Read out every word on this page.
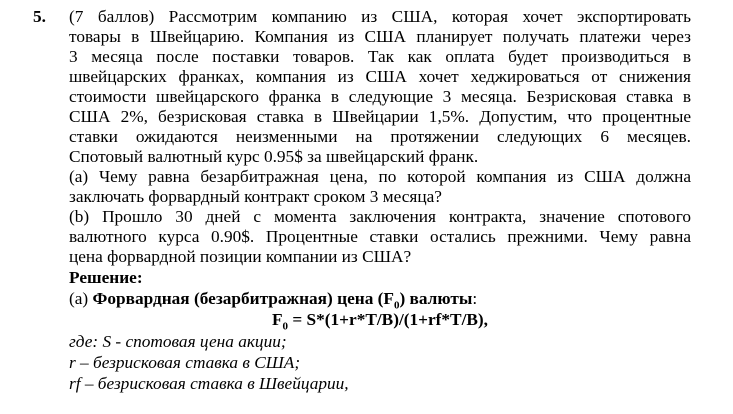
5. (7 баллов) Рассмотрим компанию из США, которая хочет экспортировать
товары в Швейцарию. Компания из США планирует получать платежи через
3 месяца после поставки товаров. Так как оплата будет производиться в
швейцарских франках, компания из США хочет хеджироваться от снижения
стоимости швейцарского франка в следующие 3 месяца. Безрисковая ставка в
США 2%, безрисковая ставка в Швейцарии 1,5%. Допустим, что процентные
ставки ожидаются неизменными на протяжении следующих 6 месяцев.
Спотовый валютный курс 0.95$ за швейцарский франк.
(а) Чему равна безарбитражная цена, по которой компания из США должна
заключать форвардный контракт сроком 3 месяца?
(b) Прошло 30 дней с момента заключения контракта, значение спотового
валютного курса 0.90$. Процентные ставки остались прежними. Чему равна
цена форвардной позиции компании из США?
Решение:
(а) Форвардная (безарбитражная) цена $(F_0)$ валюты:
$F_0 = S*(1+r*T/B)/(1+rf*T/B)$,
где: S - спотовая цена акции;
r – безрисковая ставка в США;
rf – безрисковая ставка в Швейцарии,
